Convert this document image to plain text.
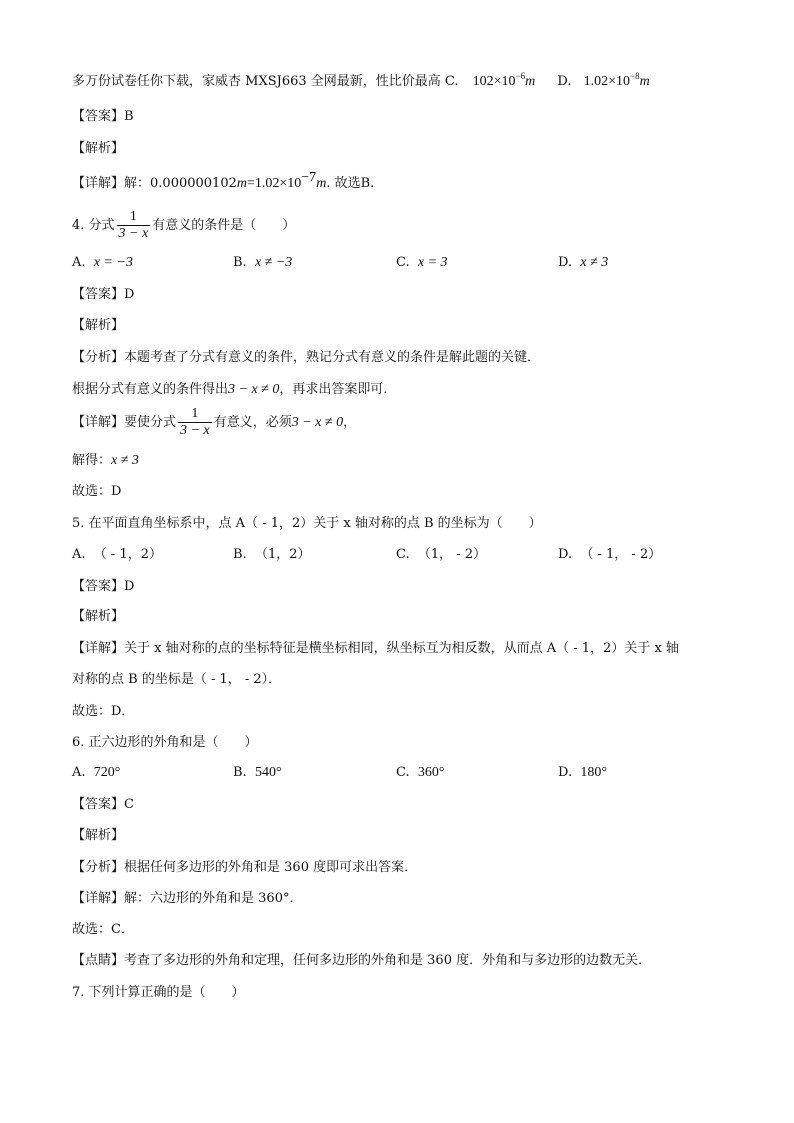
多万份试卷任你下载，家威杏 MXSJ663 全网最新，性比价最高 C. $102\times 10^{-6}m$ D. $1.02\times 10^{-8}m$
【答案】B
【解析】
【详解】解：$0.000000102m=1.02\times 10^{-7}m$. 故选B.
4. 分式 $\frac{1}{3 - x}$ 有意义的条件是（　　）
A. x = −3	B. x ≠ −3	C. x = 3	D. x ≠ 3
【答案】D
【解析】
【分析】本题考查了分式有意义的条件，熟记分式有意义的条件是解此题的关键．
根据分式有意义的条件得出3 − x ≠ 0，再求出答案即可．
【详解】要使分式 $\frac{1}{3 - x}$ 有意义，必须3 − x ≠ 0，
解得：x ≠ 3
故选：D
5. 在平面直角坐标系中，点 A（ - 1，2）关于 x 轴对称的点 B 的坐标为（　　）
A. （ - 1，2）	B. （1，2）	C. （1， - 2）	D. （ - 1， - 2）
【答案】D
【解析】
【详解】关于 x 轴对称的点的坐标特征是横坐标相同，纵坐标互为相反数，从而点 A（ - 1，2）关于 x 轴
对称的点 B 的坐标是（ - 1， - 2）．
故选：D．
6. 正六边形的外角和是（　　）
A. 720°	B. 540°	C. 360°	D. 180°
【答案】C
【解析】
【分析】根据任何多边形的外角和是 360 度即可求出答案．
【详解】解：六边形的外角和是 360°．
故选：C．
【点睛】考查了多边形的外角和定理，任何多边形的外角和是 360 度．外角和与多边形的边数无关．
7. 下列计算正确的是（　　）
